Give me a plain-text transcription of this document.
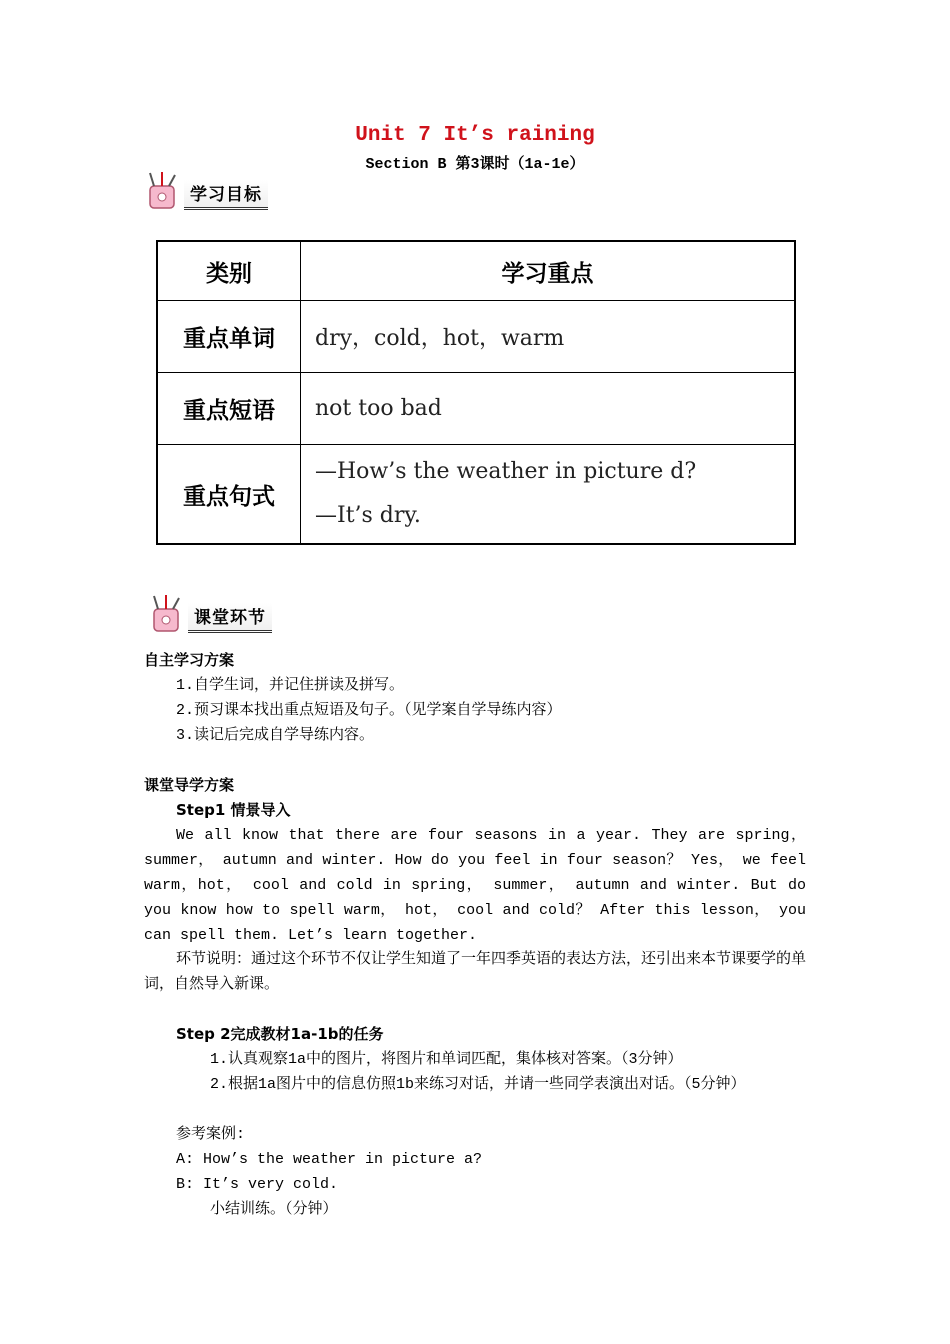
Unit 7 It’s raining
Section B 第3课时（1a-1e）
学习目标
类别	学习重点
重点单词	dry，cold，hot，warm
重点短语	not too bad
重点句式	—How’s the weather in picture d?
—It’s dry.
课堂环节
自主学习方案
1.自学生词，并记住拼读及拼写。
2.预习课本找出重点短语及句子。（见学案自学导练内容）
3.读记后完成自学导练内容。
课堂导学方案
Step1 情景导入
We all know that there are four seasons in a year. They are spring，summer， autumn and winter. How do you feel in four season？ Yes， we feel warm，hot， cool and cold in spring， summer， autumn and winter. But do you know how to spell warm， hot， cool and cold？ After this lesson， you can spell them. Let’s learn together.
环节说明：通过这个环节不仅让学生知道了一年四季英语的表达方法，还引出来本节课要学的单词，自然导入新课。
Step 2完成教材1a-1b的任务
1.认真观察1a中的图片，将图片和单词匹配，集体核对答案。（3分钟）
2.根据1a图片中的信息仿照1b来练习对话，并请一些同学表演出对话。（5分钟）
参考案例:
A: How’s the weather in picture a?
B: It’s very cold.
小结训练。（分钟）
